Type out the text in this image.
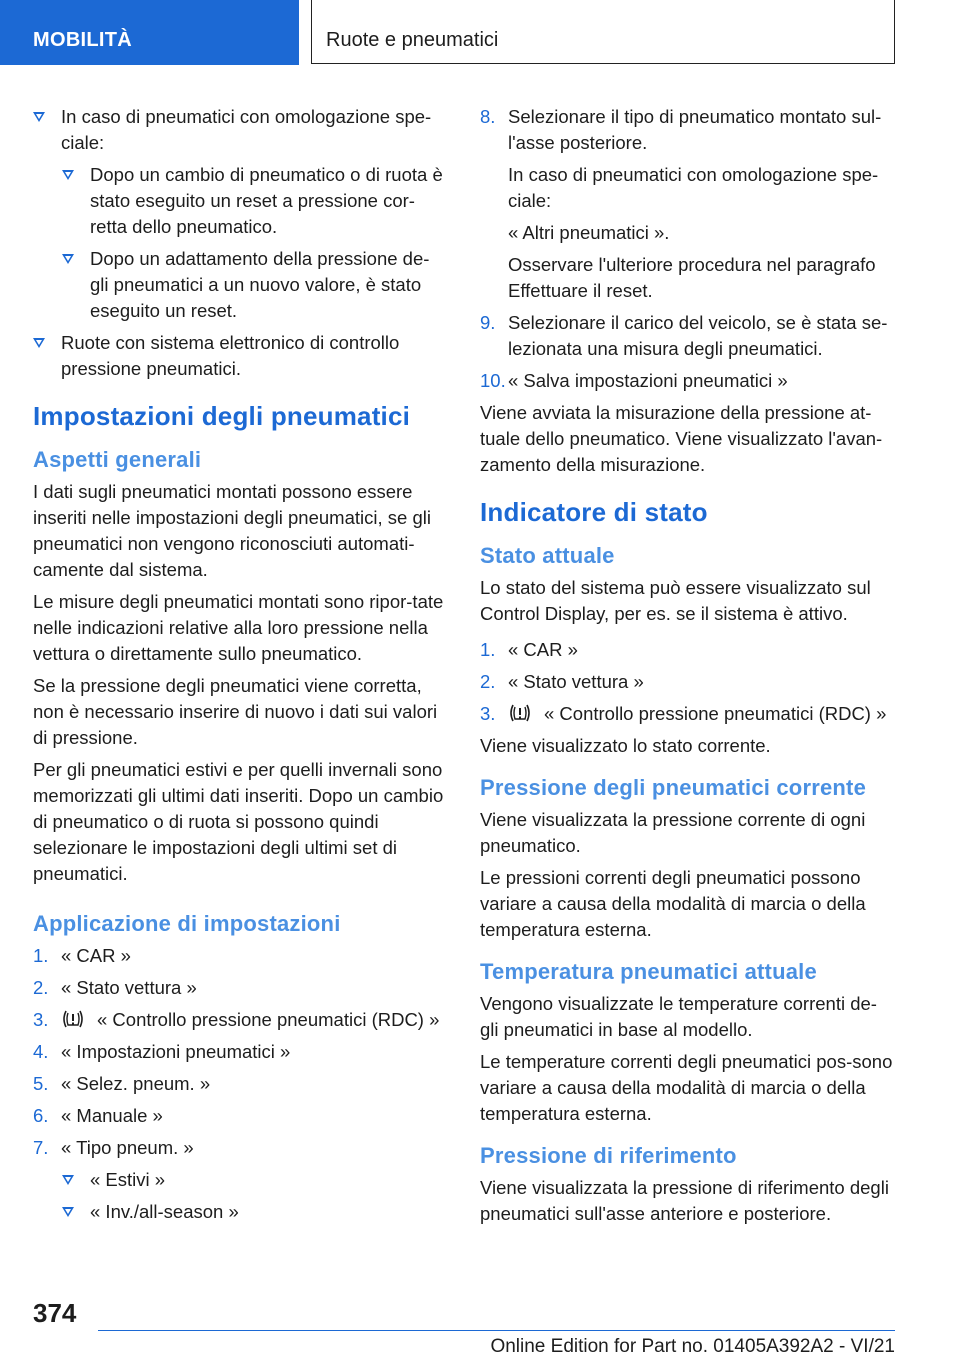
MOBILITÀ	Ruote e pneumatici
In caso di pneumatici con omologazione spe-ciale:
Dopo un cambio di pneumatico o di ruota è stato eseguito un reset a pressione cor-retta dello pneumatico.
Dopo un adattamento della pressione de-gli pneumatici a un nuovo valore, è stato eseguito un reset.
Ruote con sistema elettronico di controllo pressione pneumatici.
Impostazioni degli pneumatici
Aspetti generali
I dati sugli pneumatici montati possono essere inseriti nelle impostazioni degli pneumatici, se gli pneumatici non vengono riconosciuti automati-camente dal sistema.
Le misure degli pneumatici montati sono ripor-tate nelle indicazioni relative alla loro pressione nella vettura o direttamente sullo pneumatico.
Se la pressione degli pneumatici viene corretta, non è necessario inserire di nuovo i dati sui valori di pressione.
Per gli pneumatici estivi e per quelli invernali sono memorizzati gli ultimi dati inseriti. Dopo un cambio di pneumatico o di ruota si possono quindi selezionare le impostazioni degli ultimi set di pneumatici.
Applicazione di impostazioni
1. « CAR »
2. « Stato vettura »
3.	« Controllo pressione pneumatici (RDC) »
4. « Impostazioni pneumatici »
5. « Selez. pneum. »
6. « Manuale »
7. « Tipo pneum. »
« Estivi »
« Inv./all-season »
8. Selezionare il tipo di pneumatico montato sul-l'asse posteriore.
In caso di pneumatici con omologazione spe-ciale:
« Altri pneumatici ».
Osservare l'ulteriore procedura nel paragrafo Effettuare il reset.
9. Selezionare il carico del veicolo, se è stata se-lezionata una misura degli pneumatici.
10. « Salva impostazioni pneumatici »
Viene avviata la misurazione della pressione at-tuale dello pneumatico. Viene visualizzato l'avan-zamento della misurazione.
Indicatore di stato
Stato attuale
Lo stato del sistema può essere visualizzato sul Control Display, per es. se il sistema è attivo.
1. « CAR »
2. « Stato vettura »
3.	« Controllo pressione pneumatici (RDC) »
Viene visualizzato lo stato corrente.
Pressione degli pneumatici corrente
Viene visualizzata la pressione corrente di ogni pneumatico.
Le pressioni correnti degli pneumatici possono variare a causa della modalità di marcia o della temperatura esterna.
Temperatura pneumatici attuale
Vengono visualizzate le temperature correnti de-gli pneumatici in base al modello.
Le temperature correnti degli pneumatici pos-sono variare a causa della modalità di marcia o della temperatura esterna.
Pressione di riferimento
Viene visualizzata la pressione di riferimento degli pneumatici sull'asse anteriore e posteriore.
374
Online Edition for Part no. 01405A392A2 - VI/21
